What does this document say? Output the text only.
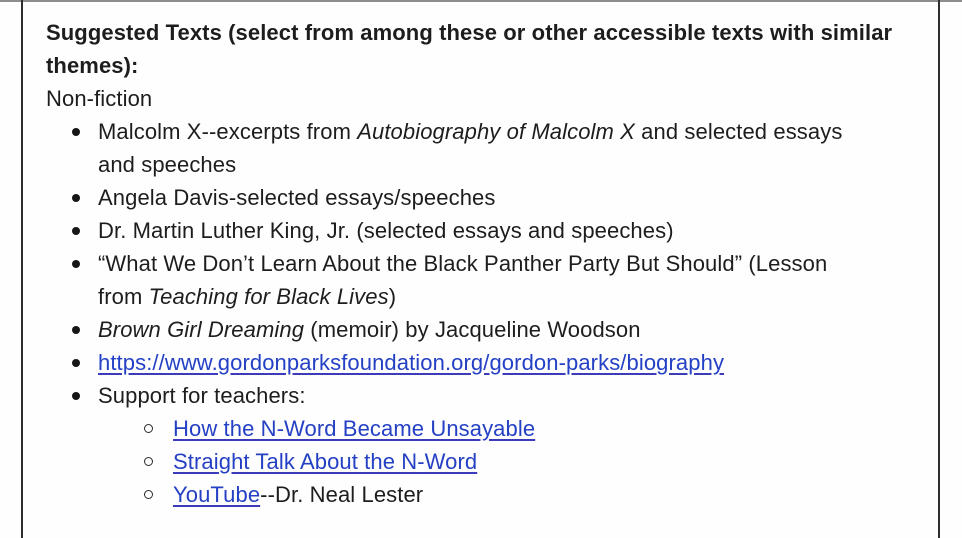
Suggested Texts (select from among these or other accessible texts with similar
themes):
Non-fiction
Malcolm X--excerpts from Autobiography of Malcolm X and selected essays
and speeches
Angela Davis-selected essays/speeches
Dr. Martin Luther King, Jr. (selected essays and speeches)
“What We Don’t Learn About the Black Panther Party But Should” (Lesson
from Teaching for Black Lives)
Brown Girl Dreaming (memoir) by Jacqueline Woodson
https://www.gordonparksfoundation.org/gordon-parks/biography
Support for teachers:
How the N-Word Became Unsayable
Straight Talk About the N-Word
YouTube--Dr. Neal Lester
